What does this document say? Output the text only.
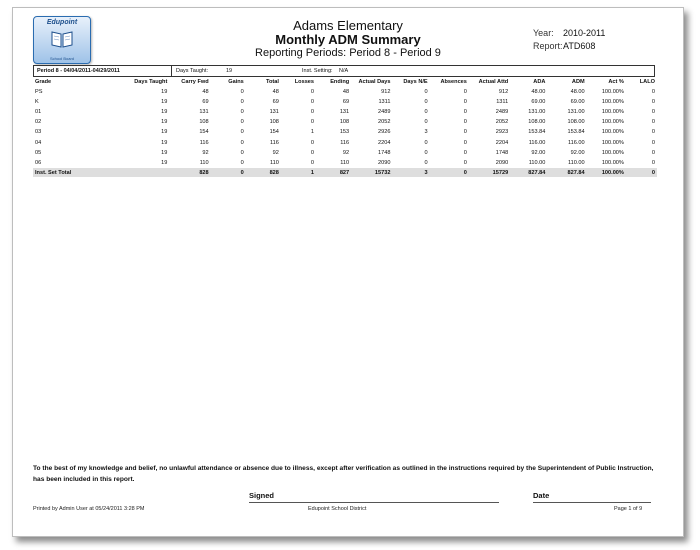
Edupoint
School Board
Adams Elementary
Monthly ADM Summary
Reporting Periods: Period 8 - Period 9
Year: 2010-2011
Report: ATD608
Period 8 - 04/04/2011-04/29/2011	Days Taught:	19	Inst. Setting: N/A
Grade	Days Taught	Carry Fwd	Gains	Total	Losses	Ending	Actual Days	Days N/E	Absences	Actual Attd	ADA	ADM	Act %	LALO
PS	19	48	0	48	0	48	912	0	0	912	48.00	48.00	100.00%	0
K	19	69	0	69	0	69	1311	0	0	1311	69.00	69.00	100.00%	0
01	19	131	0	131	0	131	2489	0	0	2489	131.00	131.00	100.00%	0
02	19	108	0	108	0	108	2052	0	0	2052	108.00	108.00	100.00%	0
03	19	154	0	154	1	153	2926	3	0	2923	153.84	153.84	100.00%	0
04	19	116	0	116	0	116	2204	0	0	2204	116.00	116.00	100.00%	0
05	19	92	0	92	0	92	1748	0	0	1748	92.00	92.00	100.00%	0
06	19	110	0	110	0	110	2090	0	0	2090	110.00	110.00	100.00%	0
Inst. Set Total		828	0	828	1	827	15732	3	0	15729	827.84	827.84	100.00%	0
To the best of my knowledge and belief, no unlawful attendance or absence due to illness, except after verification as outlined in the instructions required by the Superintendent of Public Instruction, has been included in this report.
Signed	Date
Printed by Admin User at 05/24/2011 3:28 PM	Edupoint School District	Page 1 of 9
